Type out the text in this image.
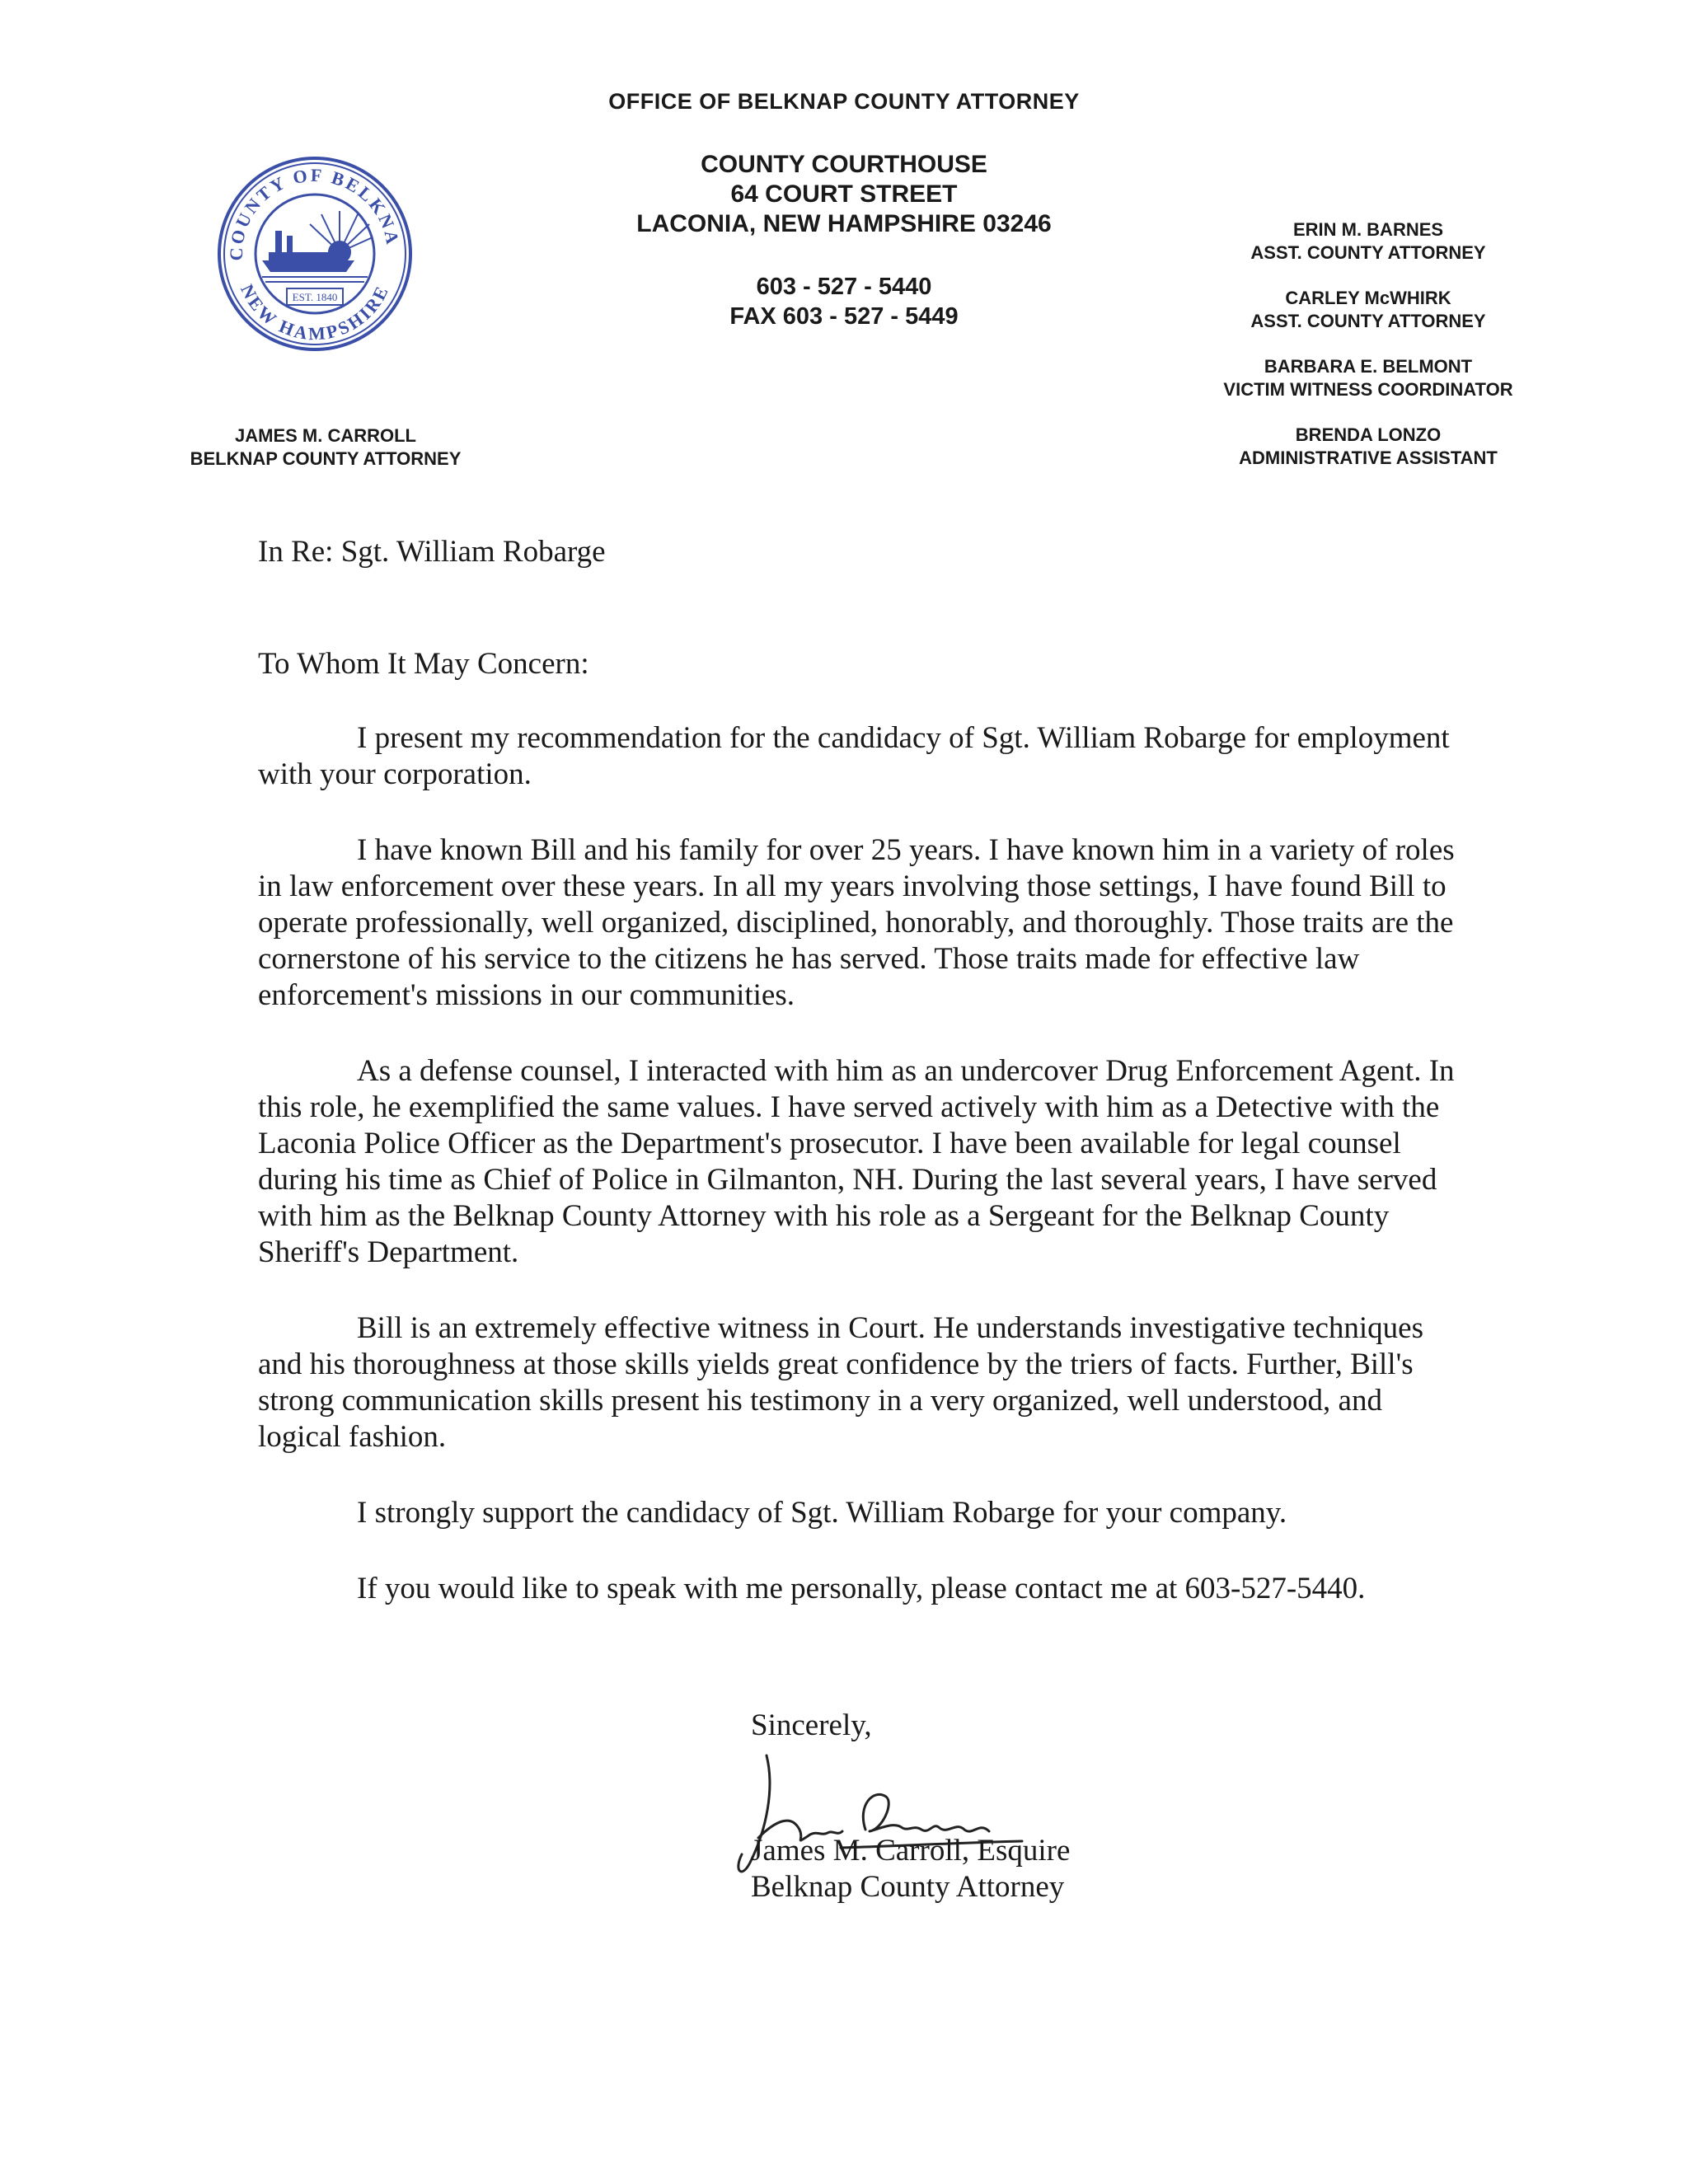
OFFICE OF BELKNAP COUNTY ATTORNEY
COUNTY COURTHOUSE
64 COURT STREET
LACONIA, NEW HAMPSHIRE 03246
603 - 527 - 5440
FAX 603 - 527 - 5449
COUNTY OF BELKNA
NEW HAMPSHIRE
EST. 1840
JAMES M. CARROLL
BELKNAP COUNTY ATTORNEY
ERIN M. BARNES
ASST. COUNTY ATTORNEY
CARLEY McWHIRK
ASST. COUNTY ATTORNEY
BARBARA E. BELMONT
VICTIM WITNESS COORDINATOR
BRENDA LONZO
ADMINISTRATIVE ASSISTANT

In Re: Sgt. William Robarge

To Whom It May Concern:

I present my recommendation for the candidacy of Sgt. William Robarge for employment with your corporation.

I have known Bill and his family for over 25 years. I have known him in a variety of roles in law enforcement over these years. In all my years involving those settings, I have found Bill to operate professionally, well organized, disciplined, honorably, and thoroughly. Those traits are the cornerstone of his service to the citizens he has served. Those traits made for effective law enforcement's missions in our communities.

As a defense counsel, I interacted with him as an undercover Drug Enforcement Agent. In this role, he exemplified the same values. I have served actively with him as a Detective with the Laconia Police Officer as the Department's prosecutor. I have been available for legal counsel during his time as Chief of Police in Gilmanton, NH. During the last several years, I have served with him as the Belknap County Attorney with his role as a Sergeant for the Belknap County Sheriff's Department.

Bill is an extremely effective witness in Court. He understands investigative techniques and his thoroughness at those skills yields great confidence by the triers of facts. Further, Bill's strong communication skills present his testimony in a very organized, well understood, and logical fashion.

I strongly support the candidacy of Sgt. William Robarge for your company.

If you would like to speak with me personally, please contact me at 603-527-5440.

Sincerely,
James M. Carroll, Esquire
Belknap County Attorney
